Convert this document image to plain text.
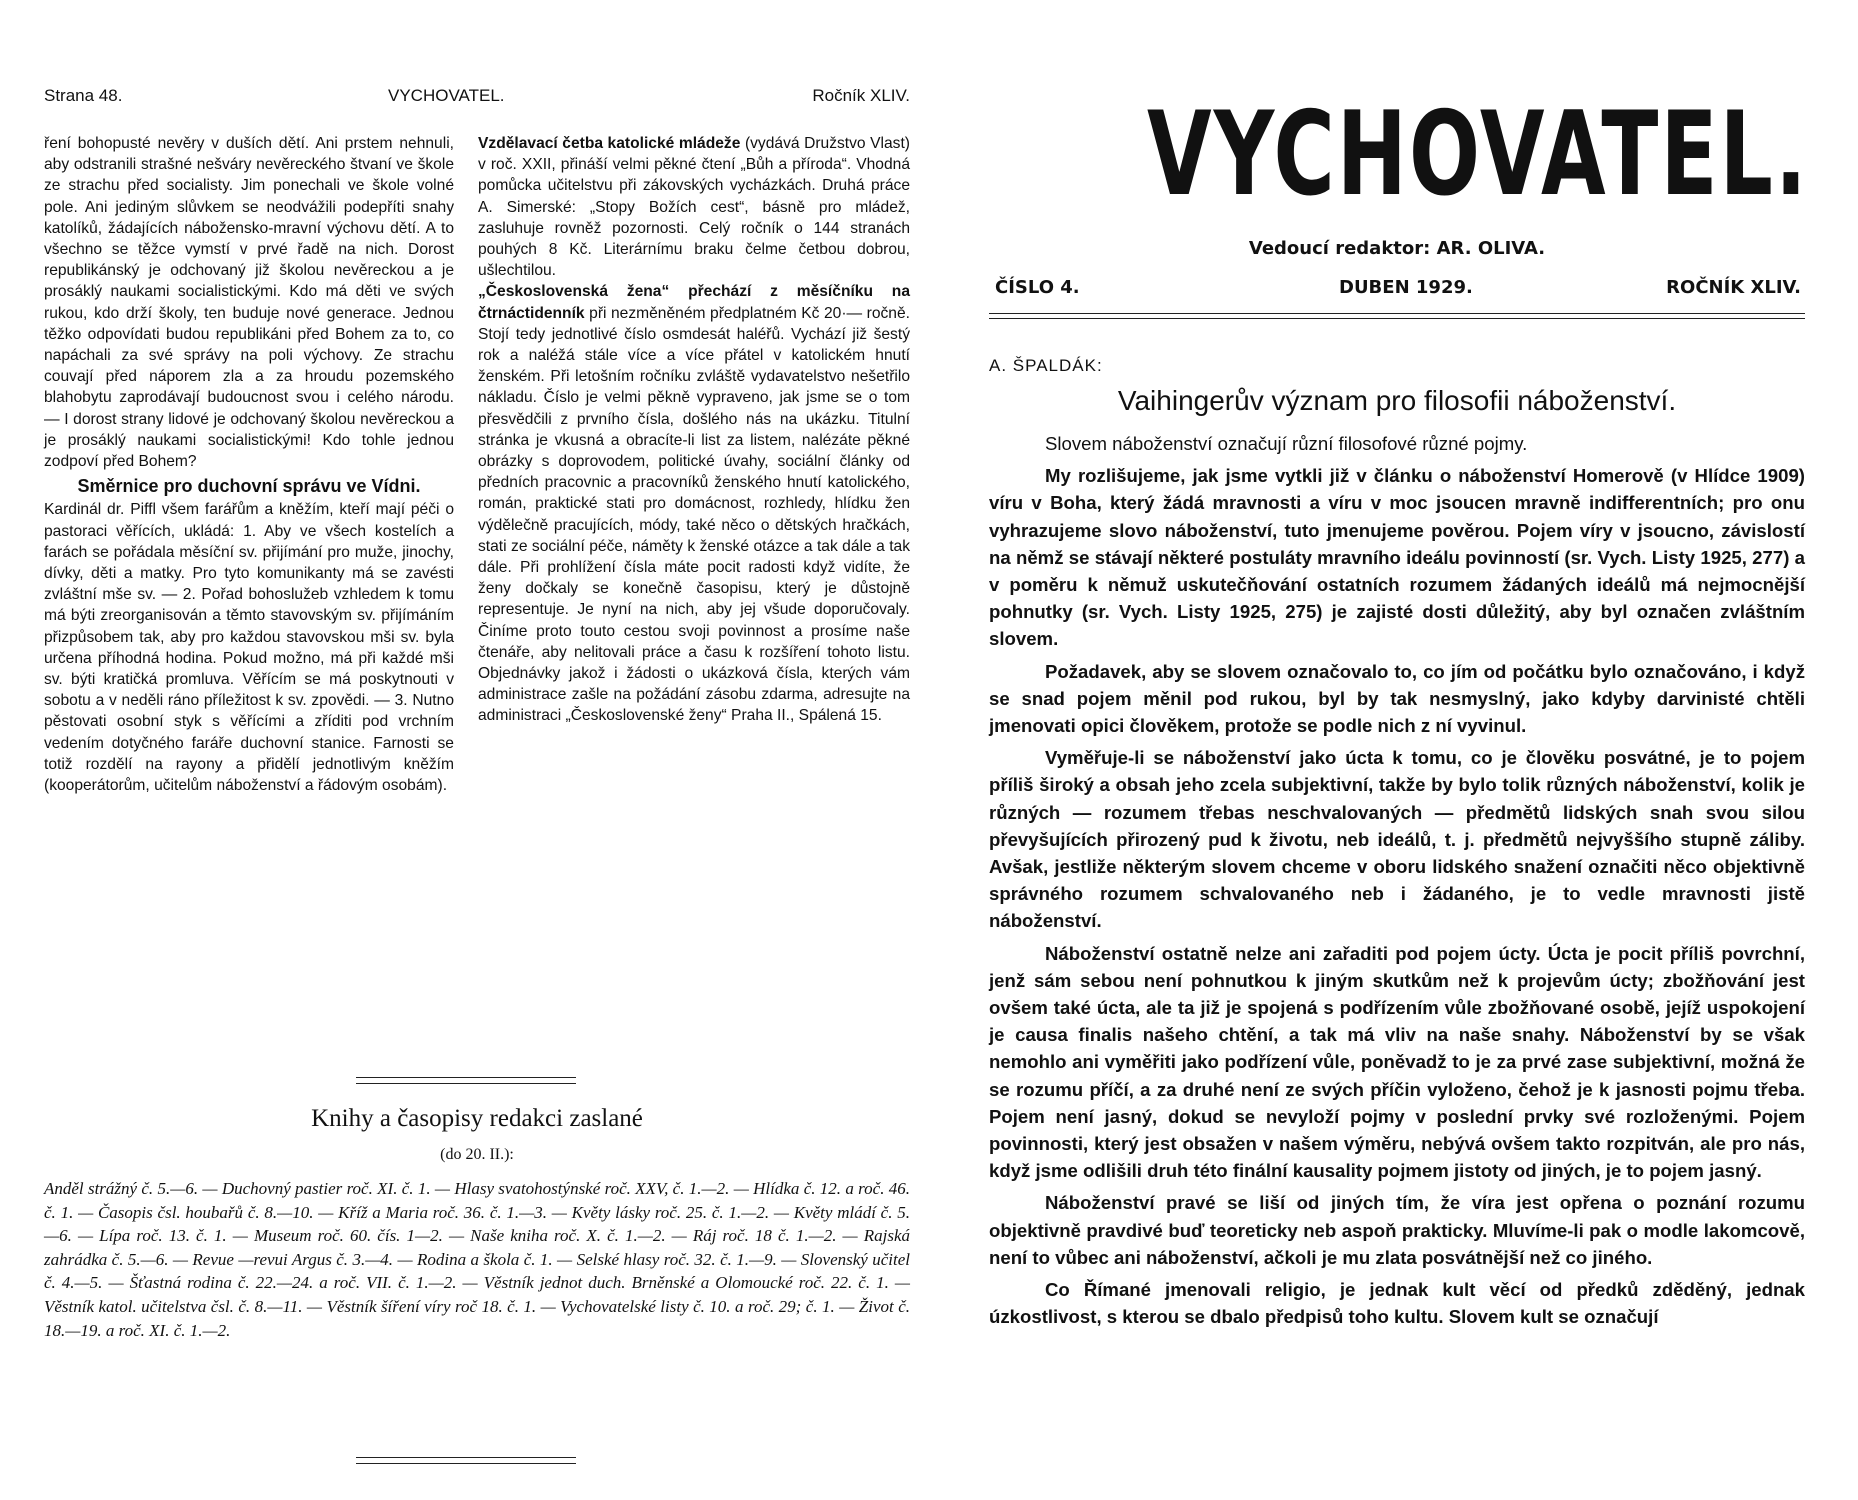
Strana 48.	VYCHOVATEL.	Ročník XLIV.

ření bohopusté nevěry v duších dětí. Ani prstem nehnuli, aby odstranili strašné nešváry nevěreckého štvaní ve škole ze strachu před socialisty. Jim ponechali ve škole volné pole. Ani jediným slůvkem se neodvážili podepříti snahy katolíků, žádajících nábožensko-mravní výchovu dětí. A to všechno se těžce vymstí v prvé řadě na nich. Dorost republikánský je odchovaný již školou nevěreckou a je prosáklý naukami socialistickými. Kdo má děti ve svých rukou, kdo drží školy, ten buduje nové generace. Jednou těžko odpovídati budou republikáni před Bohem za to, co napáchali za své správy na poli výchovy. Ze strachu couvají před náporem zla a za hroudu pozemského blahobytu zaprodávají budoucnost svou i celého národu. — I dorost strany lidové je odchovaný školou nevěreckou a je prosáklý naukami socialistickými! Kdo tohle jednou zodpoví před Bohem?

Směrnice pro duchovní správu ve Vídni.

Kardinál dr. Piffl všem farářům a kněžím, kteří mají péči o pastoraci věřících, ukládá: 1. Aby ve všech kostelích a farách se pořádala měsíční sv. přijímání pro muže, jinochy, dívky, děti a matky. Pro tyto komunikanty má se zavésti zvláštní mše sv. — 2. Pořad bohoslužeb vzhledem k tomu má býti zreorganisován a těmto stavovským sv. přijímáním přizpůsobem tak, aby pro každou stavovskou mši sv. byla určena příhodná hodina. Pokud možno, má při každé mši sv. býti kratičká promluva. Věřícím se má poskytnouti v sobotu a v neděli ráno příležitost k sv. zpovědi. — 3. Nutno pěstovati osobní styk s věřícími a zříditi pod vrchním vedením dotyčného faráře duchovní stanice. Farnosti se totiž rozdělí na rayony a přidělí jednotlivým kněžím (kooperátorům, učitelům náboženství a řádovým osobám).

Vzdělavací četba katolické mládeže (vydává Družstvo Vlast) v roč. XXII, přináší velmi pěkné čtení „Bůh a příroda“. Vhodná pomůcka učitelstvu při zákovských vycházkách. Druhá práce A. Simerské: „Stopy Božích cest“, básně pro mládež, zasluhuje rovněž pozornosti. Celý ročník o 144 stranách pouhých 8 Kč. Literárnímu braku čelme četbou dobrou, ušlechtilou.

„Československá žena“ přechází z měsíčníku na čtrnáctidenník při nezměněném předplatném Kč 20·— ročně. Stojí tedy jednotlivé číslo osmdesát haléřů. Vychází již šestý rok a naléžá stále více a více přátel v katolickém hnutí ženském. Při letošním ročníku zvláště vydavatelstvo nešetřilo nákladu. Číslo je velmi pěkně vypraveno, jak jsme se o tom přesvědčili z prvního čísla, došlého nás na ukázku. Titulní stránka je vkusná a obracíte-li list za listem, nalézáte pěkné obrázky s doprovodem, politické úvahy, sociální články od předních pracovnic a pracovníků ženského hnutí katolického, román, praktické stati pro domácnost, rozhledy, hlídku žen výdělečně pracujících, módy, také něco o dětských hračkách, stati ze sociální péče, náměty k ženské otázce a tak dále a tak dále. Při prohlížení čísla máte pocit radosti když vidíte, že ženy dočkaly se konečně časopisu, který je důstojně representuje. Je nyní na nich, aby jej všude doporučovaly. Činíme proto touto cestou svoji povinnost a prosíme naše čtenáře, aby nelitovali práce a času k rozšíření tohoto listu. Objednávky jakož i žádosti o ukázková čísla, kterých vám administrace zašle na požádání zásobu zdarma, adresujte na administraci „Československé ženy“ Praha II., Spálená 15.

Knihy a časopisy redakci zaslané
(do 20. II.):
Anděl strážný č. 5.—6. — Duchovný pastier roč. XI. č. 1. — Hlasy svatohostýnské roč. XXV, č. 1.—2. — Hlídka č. 12. a roč. 46. č. 1. — Časopis čsl. houbařů č. 8.—10. — Kříž a Maria roč. 36. č. 1.—3. — Květy lásky roč. 25. č. 1.—2. — Květy mládí č. 5.—6. — Lípa roč. 13. č. 1. — Museum roč. 60. čís. 1—2. — Naše kniha roč. X. č. 1.—2. — Ráj roč. 18 č. 1.—2. — Rajská zahrádka č. 5.—6. — Revue —revui Argus č. 3.—4. — Rodina a škola č. 1. — Selské hlasy roč. 32. č. 1.—9. — Slovenský učitel č. 4.—5. — Šťastná rodina č. 22.—24. a roč. VII. č. 1.—2. — Věstník jednot duch. Brněnské a Olomoucké roč. 22. č. 1. — Věstník katol. učitelstva čsl. č. 8.—11. — Věstník šíření víry roč 18. č. 1. — Vychovatelské listy č. 10. a roč. 29; č. 1. — Život č. 18.—19. a roč. XI. č. 1.—2.
VYCHOVATEL.
Vedoucí redaktor: AR. OLIVA.
ČÍSLO 4.	DUBEN 1929.	ROČNÍK XLIV.
A. ŠPALDÁK:
Vaihingerův význam pro filosofii náboženství.

Slovem náboženství označují různí filosofové různé pojmy.

My rozlišujeme, jak jsme vytkli již v článku o náboženství Homerově (v Hlídce 1909) víru v Boha, který žádá mravnosti a víru v moc jsoucen mravně indifferentních; pro onu vyhrazujeme slovo náboženství, tuto jmenujeme pověrou. Pojem víry v jsoucno, závislostí na němž se stávají některé postuláty mravního ideálu povinností (sr. Vych. Listy 1925, 277) a v poměru k němuž uskutečňování ostatních rozumem žádaných ideálů má nejmocnější pohnutky (sr. Vych. Listy 1925, 275) je zajisté dosti důležitý, aby byl označen zvláštním slovem.

Požadavek, aby se slovem označovalo to, co jím od počátku bylo označováno, i když se snad pojem měnil pod rukou, byl by tak nesmyslný, jako kdyby darvinisté chtěli jmenovati opici člověkem, protože se podle nich z ní vyvinul.

Vyměřuje-li se náboženství jako úcta k tomu, co je člověku posvátné, je to pojem příliš široký a obsah jeho zcela subjektivní, takže by bylo tolik různých náboženství, kolik je různých — rozumem třebas neschvalovaných — předmětů lidských snah svou silou převyšujících přirozený pud k životu, neb ideálů, t. j. předmětů nejvyššího stupně záliby. Avšak, jestliže některým slovem chceme v oboru lidského snažení označiti něco objektivně správného rozumem schvalovaného neb i žádaného, je to vedle mravnosti jistě náboženství.

Náboženství ostatně nelze ani zařaditi pod pojem úcty. Úcta je pocit příliš povrchní, jenž sám sebou není pohnutkou k jiným skutkům než k projevům úcty; zbožňování jest ovšem také úcta, ale ta již je spojená s podřízením vůle zbožňované osobě, jejíž uspokojení je causa finalis našeho chtění, a tak má vliv na naše snahy. Náboženství by se však nemohlo ani vyměřiti jako podřízení vůle, poněvadž to je za prvé zase subjektivní, možná že se rozumu příčí, a za druhé není ze svých příčin vyloženo, čehož je k jasnosti pojmu třeba. Pojem není jasný, dokud se nevyloží pojmy v poslední prvky své rozloženými. Pojem povinnosti, který jest obsažen v našem výměru, nebývá ovšem takto rozpitván, ale pro nás, když jsme odlišili druh této finální kausality pojmem jistoty od jiných, je to pojem jasný.

Náboženství pravé se liší od jiných tím, že víra jest opřena o poznání rozumu objektivně pravdivé buď teoreticky neb aspoň prakticky. Mluvíme-li pak o modle lakomcově, není to vůbec ani náboženství, ačkoli je mu zlata posvátnější než co jiného.

Co Římané jmenovali religio, je jednak kult věcí od předků zděděný, jednak úzkostlivost, s kterou se dbalo předpisů toho kultu. Slovem kult se označují
